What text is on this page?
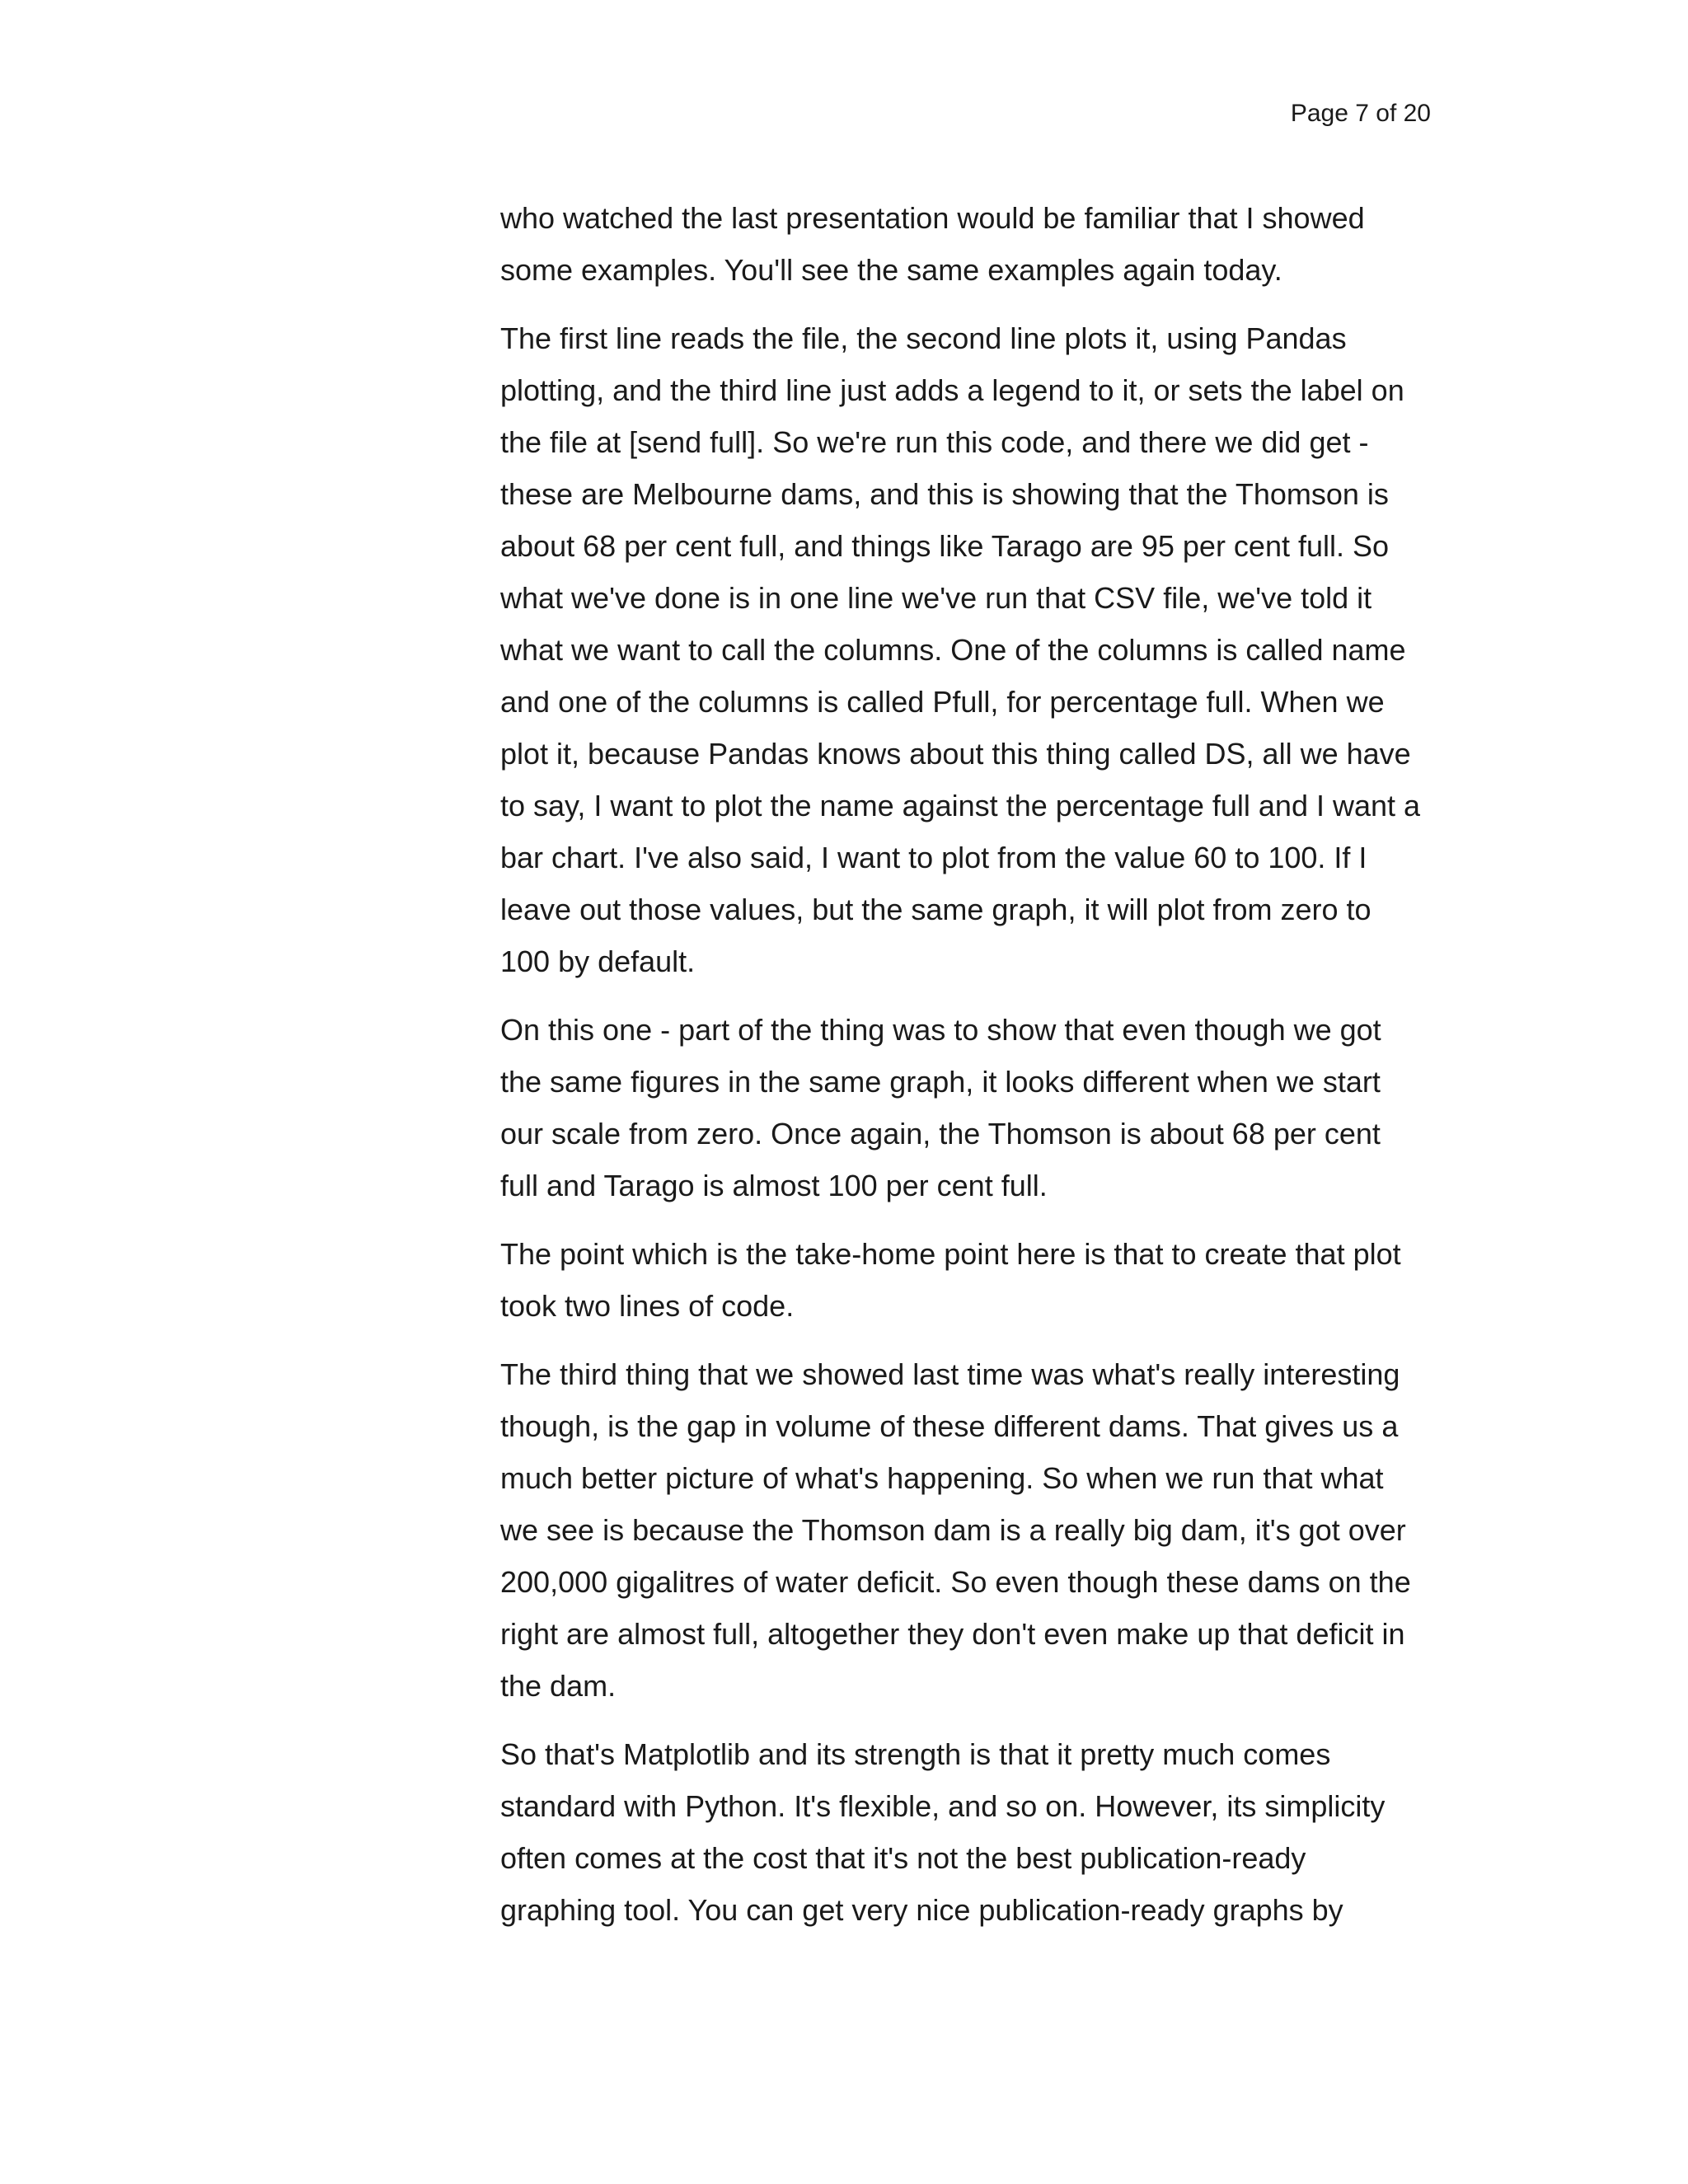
Page 7 of 20

who watched the last presentation would be familiar that I showed
some examples. You'll see the same examples again today.

The first line reads the file, the second line plots it, using Pandas
plotting, and the third line just adds a legend to it, or sets the label on
the file at [send full]. So we're run this code, and there we did get -
these are Melbourne dams, and this is showing that the Thomson is
about 68 per cent full, and things like Tarago are 95 per cent full. So
what we've done is in one line we've run that CSV file, we've told it
what we want to call the columns. One of the columns is called name
and one of the columns is called Pfull, for percentage full. When we
plot it, because Pandas knows about this thing called DS, all we have
to say, I want to plot the name against the percentage full and I want a
bar chart. I've also said, I want to plot from the value 60 to 100. If I
leave out those values, but the same graph, it will plot from zero to
100 by default.

On this one - part of the thing was to show that even though we got
the same figures in the same graph, it looks different when we start
our scale from zero. Once again, the Thomson is about 68 per cent
full and Tarago is almost 100 per cent full.

The point which is the take-home point here is that to create that plot
took two lines of code.

The third thing that we showed last time was what's really interesting
though, is the gap in volume of these different dams. That gives us a
much better picture of what's happening. So when we run that what
we see is because the Thomson dam is a really big dam, it's got over
200,000 gigalitres of water deficit. So even though these dams on the
right are almost full, altogether they don't even make up that deficit in
the dam.

So that's Matplotlib and its strength is that it pretty much comes
standard with Python. It's flexible, and so on. However, its simplicity
often comes at the cost that it's not the best publication-ready
graphing tool. You can get very nice publication-ready graphs by
